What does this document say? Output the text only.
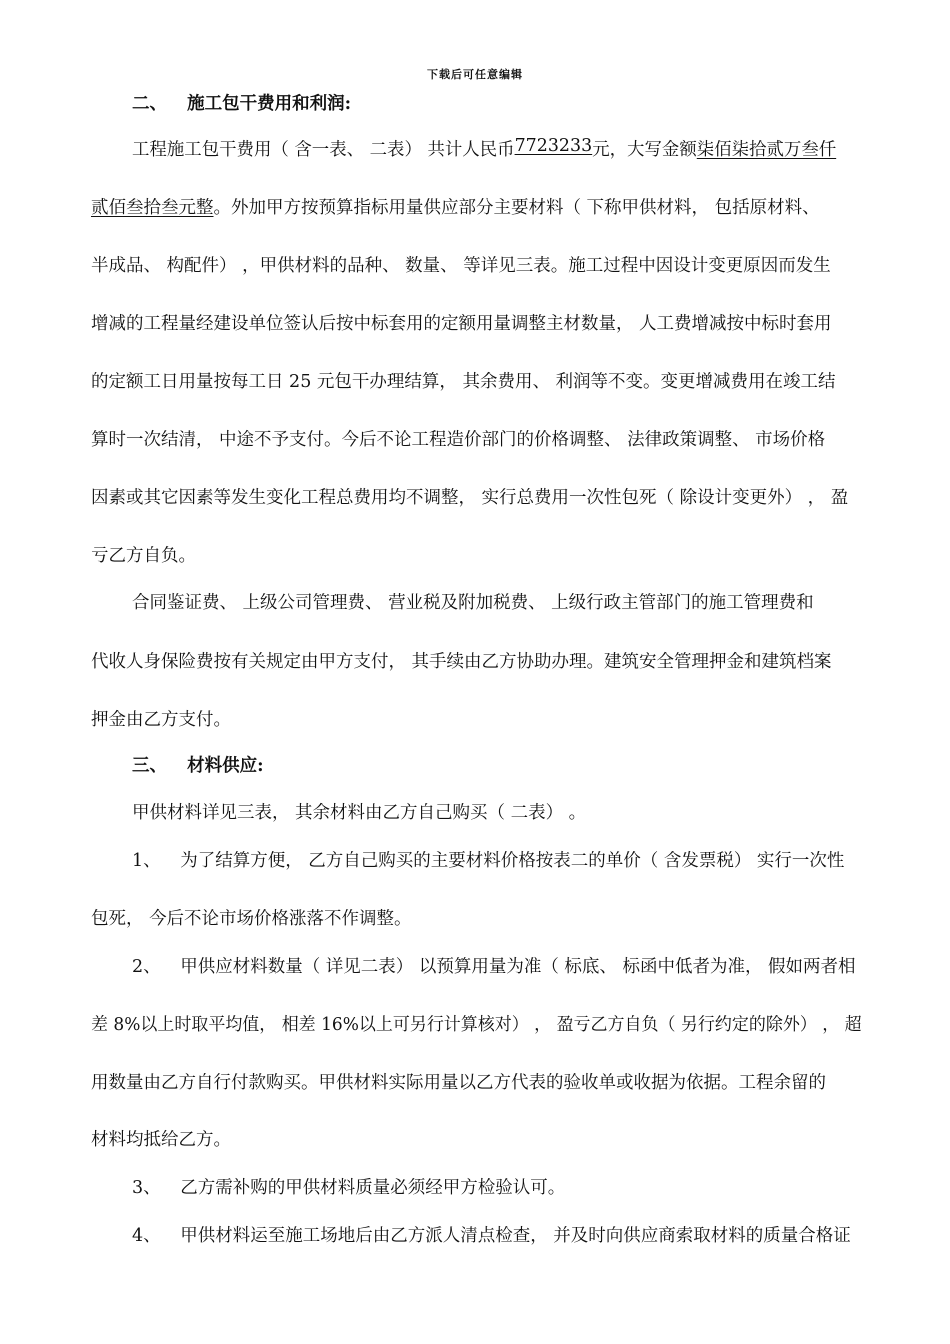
下载后可任意编辑
二、 施工包干费用和利润:
工程施工包干费用（ 含一表、 二表） 共计人民币 7723233 元，大写金额 柒佰柒拾贰万叁仟
贰佰叁拾叁元整。外加甲方按预算指标用量供应部分主要材料（ 下称甲供材料， 包括原材料、
半成品、 构配件） ，甲供材料的品种、 数量、 等详见三表。施工过程中因设计变更原因而发生
增减的工程量经建设单位签认后按中标套用的定额用量调整主材数量， 人工费增减按中标时套用
的定额工日用量按每工日 25 元包干办理结算， 其余费用、 利润等不变。变更增减费用在竣工结
算时一次结清， 中途不予支付。今后不论工程造价部门的价格调整、 法律政策调整、 市场价格
因素或其它因素等发生变化工程总费用均不调整， 实行总费用一次性包死（ 除设计变更外） ， 盈
亏乙方自负。
合同鉴证费、 上级公司管理费、 营业税及附加税费、 上级行政主管部门的施工管理费和
代收人身保险费按有关规定由甲方支付， 其手续由乙方协助办理。建筑安全管理押金和建筑档案
押金由乙方支付。
三、 材料供应:
甲供材料详见三表， 其余材料由乙方自己购买（ 二表） 。
1、 为了结算方便， 乙方自己购买的主要材料价格按表二的单价（ 含发票税） 实行一次性
包死， 今后不论市场价格涨落不作调整。
2、 甲供应材料数量（ 详见二表） 以预算用量为准（ 标底、 标函中低者为准， 假如两者相
差 8%以上时取平均值， 相差 16%以上可另行计算核对） ， 盈亏乙方自负（ 另行约定的除外） ， 超
用数量由乙方自行付款购买。甲供材料实际用量以乙方代表的验收单或收据为依据。工程余留的
材料均抵给乙方。
3、 乙方需补购的甲供材料质量必须经甲方检验认可。
4、 甲供材料运至施工场地后由乙方派人清点检查， 并及时向供应商索取材料的质量合格证
